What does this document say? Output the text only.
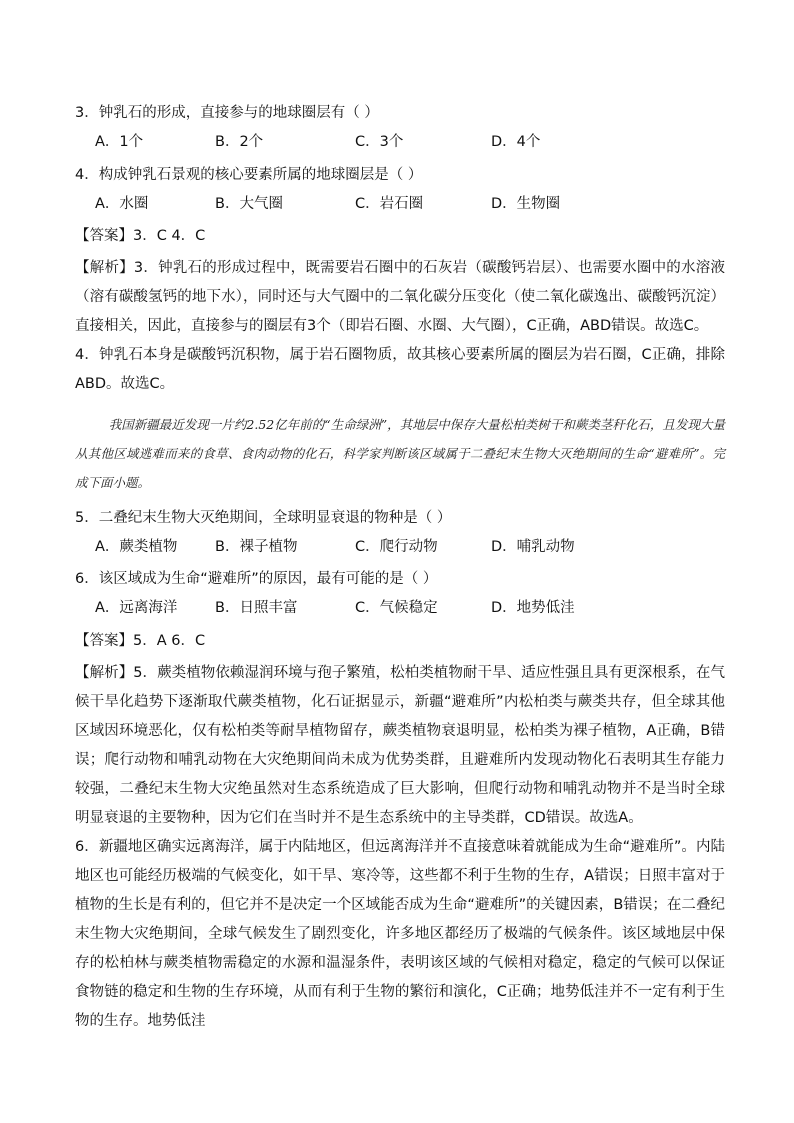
3．钟乳石的形成，直接参与的地球圈层有（ ）
A．1个	B．2个	C．3个	D．4个
4．构成钟乳石景观的核心要素所属的地球圈层是（ ）
A．水圈	B．大气圈	C．岩石圈	D．生物圈
【答案】3．C 4．C
【解析】3．钟乳石的形成过程中，既需要岩石圈中的石灰岩（碳酸钙岩层）、也需要水圈中的水溶液（溶有碳酸氢钙的地下水），同时还与大气圈中的二氧化碳分压变化（使二氧化碳逸出、碳酸钙沉淀）直接相关，因此，直接参与的圈层有3个（即岩石圈、水圈、大气圈），C正确，ABD错误。故选C。
4．钟乳石本身是碳酸钙沉积物，属于岩石圈物质，故其核心要素所属的圈层为岩石圈，C正确，排除ABD。故选C。
我国新疆最近发现一片约2.52亿年前的“生命绿洲”，其地层中保存大量松柏类树干和蕨类茎秆化石，且发现大量从其他区域逃难而来的食草、食肉动物的化石，科学家判断该区域属于二叠纪末生物大灭绝期间的生命“避难所”。完成下面小题。
5．二叠纪末生物大灭绝期间，全球明显衰退的物种是（ ）
A．蕨类植物	B．裸子植物	C．爬行动物	D．哺乳动物
6．该区域成为生命“避难所”的原因，最有可能的是（ ）
A．远离海洋	B．日照丰富	C．气候稳定	D．地势低洼
【答案】5．A 6．C
【解析】5．蕨类植物依赖湿润环境与孢子繁殖，松柏类植物耐干旱、适应性强且具有更深根系，在气候干旱化趋势下逐渐取代蕨类植物，化石证据显示，新疆“避难所”内松柏类与蕨类共存，但全球其他区域因环境恶化，仅有松柏类等耐旱植物留存，蕨类植物衰退明显，松柏类为裸子植物，A正确，B错误；爬行动物和哺乳动物在大灾绝期间尚未成为优势类群，且避难所内发现动物化石表明其生存能力较强，二叠纪末生物大灾绝虽然对生态系统造成了巨大影响，但爬行动物和哺乳动物并不是当时全球明显衰退的主要物种，因为它们在当时并不是生态系统中的主导类群，CD错误。故选A。
6．新疆地区确实远离海洋，属于内陆地区，但远离海洋并不直接意味着就能成为生命“避难所”。内陆地区也可能经历极端的气候变化，如干旱、寒冷等，这些都不利于生物的生存，A错误；日照丰富对于植物的生长是有利的，但它并不是决定一个区域能否成为生命“避难所”的关键因素，B错误；在二叠纪末生物大灾绝期间，全球气候发生了剧烈变化，许多地区都经历了极端的气候条件。该区域地层中保存的松柏林与蕨类植物需稳定的水源和温湿条件，表明该区域的气候相对稳定，稳定的气候可以保证食物链的稳定和生物的生存环境，从而有利于生物的繁衍和演化，C正确；地势低洼并不一定有利于生物的生存。地势低洼
